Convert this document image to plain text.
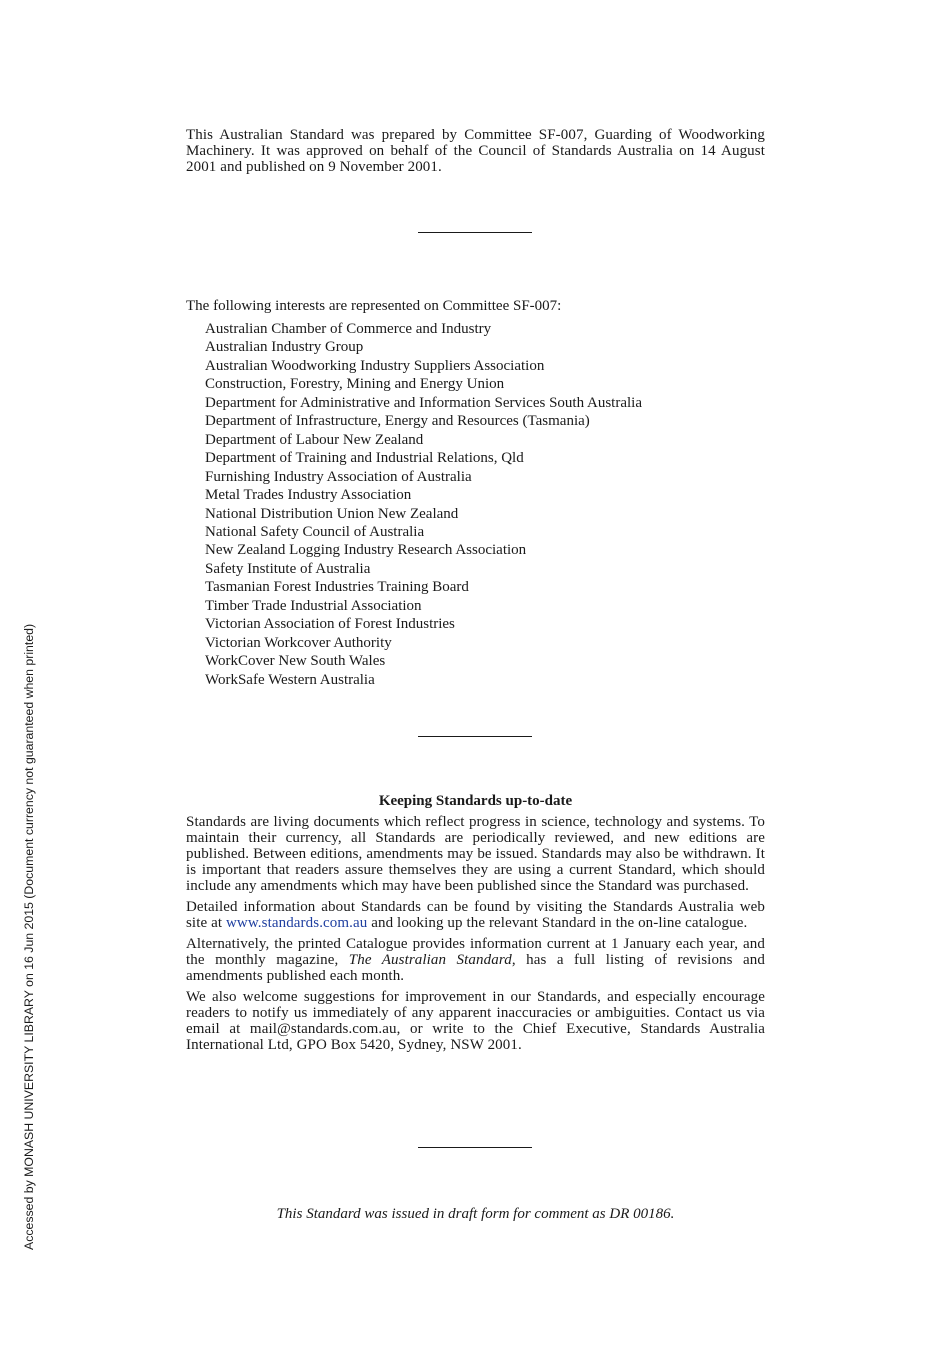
This Australian Standard was prepared by Committee SF-007, Guarding of Woodworking Machinery. It was approved on behalf of the Council of Standards Australia on 14 August 2001 and published on 9 November 2001.
The following interests are represented on Committee SF-007:
Australian Chamber of Commerce and Industry
Australian Industry Group
Australian Woodworking Industry Suppliers Association
Construction, Forestry, Mining and Energy Union
Department for Administrative and Information Services South Australia
Department of Infrastructure, Energy and Resources (Tasmania)
Department of Labour New Zealand
Department of Training and Industrial Relations, Qld
Furnishing Industry Association of Australia
Metal Trades Industry Association
National Distribution Union New Zealand
National Safety Council of Australia
New Zealand Logging Industry Research Association
Safety Institute of Australia
Tasmanian Forest Industries Training Board
Timber Trade Industrial Association
Victorian Association of Forest Industries
Victorian Workcover Authority
WorkCover New South Wales
WorkSafe Western Australia
Keeping Standards up-to-date

Standards are living documents which reflect progress in science, technology and systems. To maintain their currency, all Standards are periodically reviewed, and new editions are published. Between editions, amendments may be issued. Standards may also be withdrawn. It is important that readers assure themselves they are using a current Standard, which should include any amendments which may have been published since the Standard was purchased.

Detailed information about Standards can be found by visiting the Standards Australia web site at www.standards.com.au and looking up the relevant Standard in the on-line catalogue.

Alternatively, the printed Catalogue provides information current at 1 January each year, and the monthly magazine, The Australian Standard, has a full listing of revisions and amendments published each month.

We also welcome suggestions for improvement in our Standards, and especially encourage readers to notify us immediately of any apparent inaccuracies or ambiguities. Contact us via email at mail@standards.com.au, or write to the Chief Executive, Standards Australia International Ltd, GPO Box 5420, Sydney, NSW 2001.

This Standard was issued in draft form for comment as DR 00186.
Accessed by MONASH UNIVERSITY LIBRARY on 16 Jun 2015 (Document currency not guaranteed when printed)
